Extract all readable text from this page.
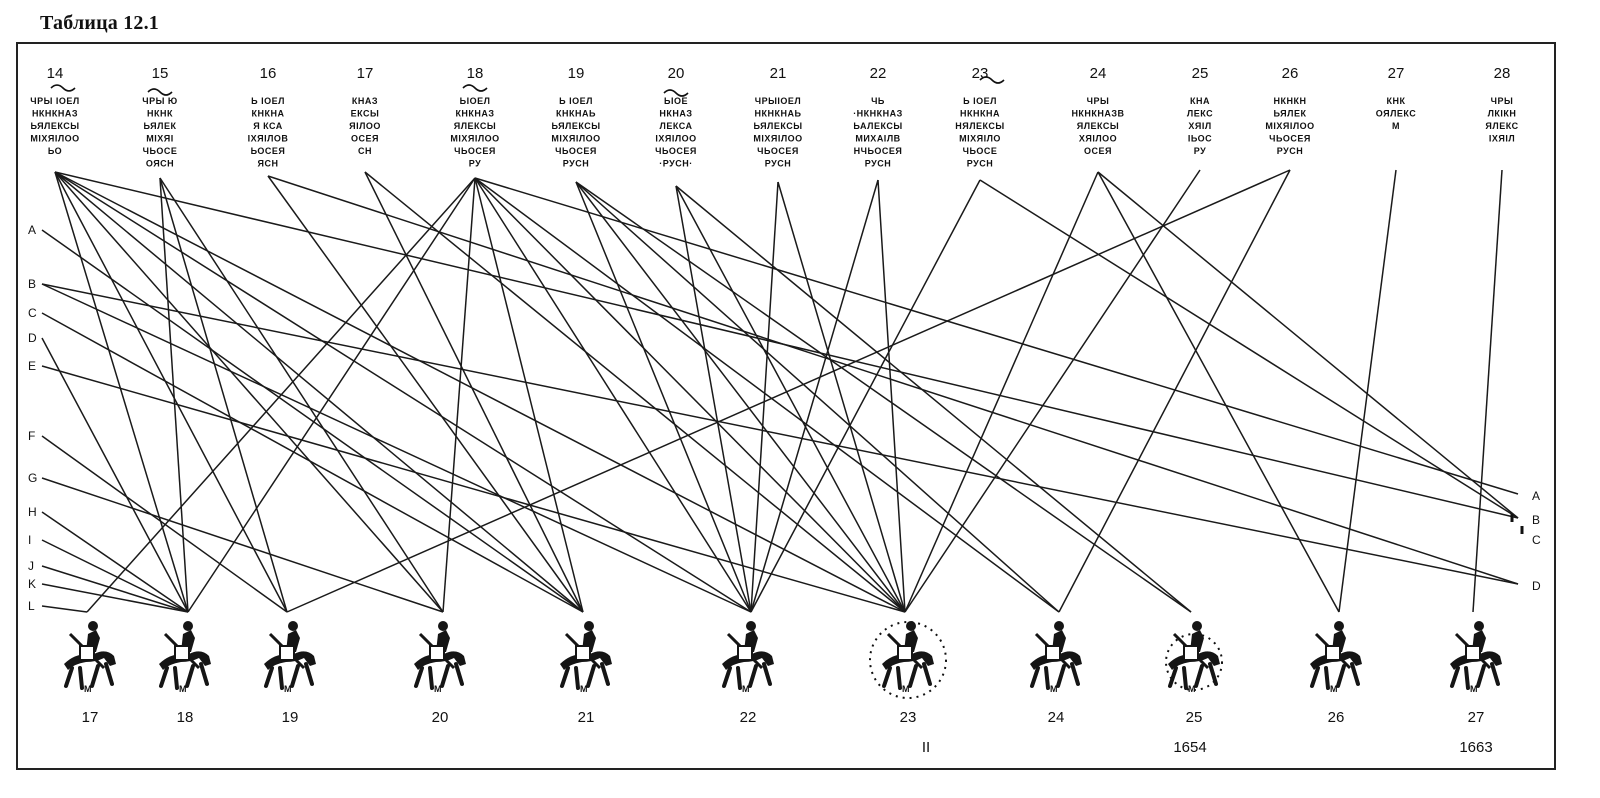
Таблица 12.1
14
ЧРЫ ІОЕЛ
НКНКНАЗ
ЬЯЛЕКСЫ
МІХЯІЛОО
ЬО
15
ЧРЫ Ю
НКНК
ЬЯЛЕК
МІХЯІ
ЧЬОСЕ
ОЯСН
16
Ь ІОЕЛ
КНКНА
Я КСА
ІХЯІЛОВ
ЬОСЕЯ
ЯСН
17
КНАЗ
ЕКСЫ
ЯІЛОО
ОСЕЯ
СН
18
ЬІОЕЛ
КНКНАЗ
ЯЛЕКСЫ
МІХЯІЛОО
ЧЬОСЕЯ
РУ
19
Ь ІОЕЛ
КНКНАЬ
ЬЯЛЕКСЫ
МІХЯІЛОО
ЧЬОСЕЯ
РУСН
20
ЬІОЕ
НКНАЗ
ЛЕКСА
ІХЯІЛОО
ЧЬОСЕЯ
·РУСН·
21
ЧРЫІОЕЛ
НКНКНАЬ
ЬЯЛЕКСЫ
МІХЯІЛОО
ЧЬОСЕЯ
РУСН
22
ЧЬ
·НКНКНАЗ
ЬАЛЕКСЫ
МИХАІЛВ
НЧЬОСЕЯ
РУСН
23
Ь ІОЕЛ
НКНКНА
НЯЛЕКСЫ
МІХЯІЛО
ЧЬОСЕ
РУСН
24
ЧРЫ
НКНКНАЗВ
ЯЛЕКСЫ
ХЯІЛОО
ОСЕЯ
25
КНА
ЛЕКС
ХЯІЛ
ІЬОС
РУ
26
НКНКН
ЬЯЛЕК
МІХЯІЛОО
ЧЬОСЕЯ
РУСН
27
КНК
ОЯЛЕКС
М
28
ЧРЫ
ЛКІКН
ЯЛЕКС
ІХЯІЛ
A
B
C
D
E
F
G
H
I
J
K
L
A
B
C
D
М
17
М
18
М
19
М
20
М
21
М
22
М
23
М
24
М
25
М
26
М
27
II	1654	1663
